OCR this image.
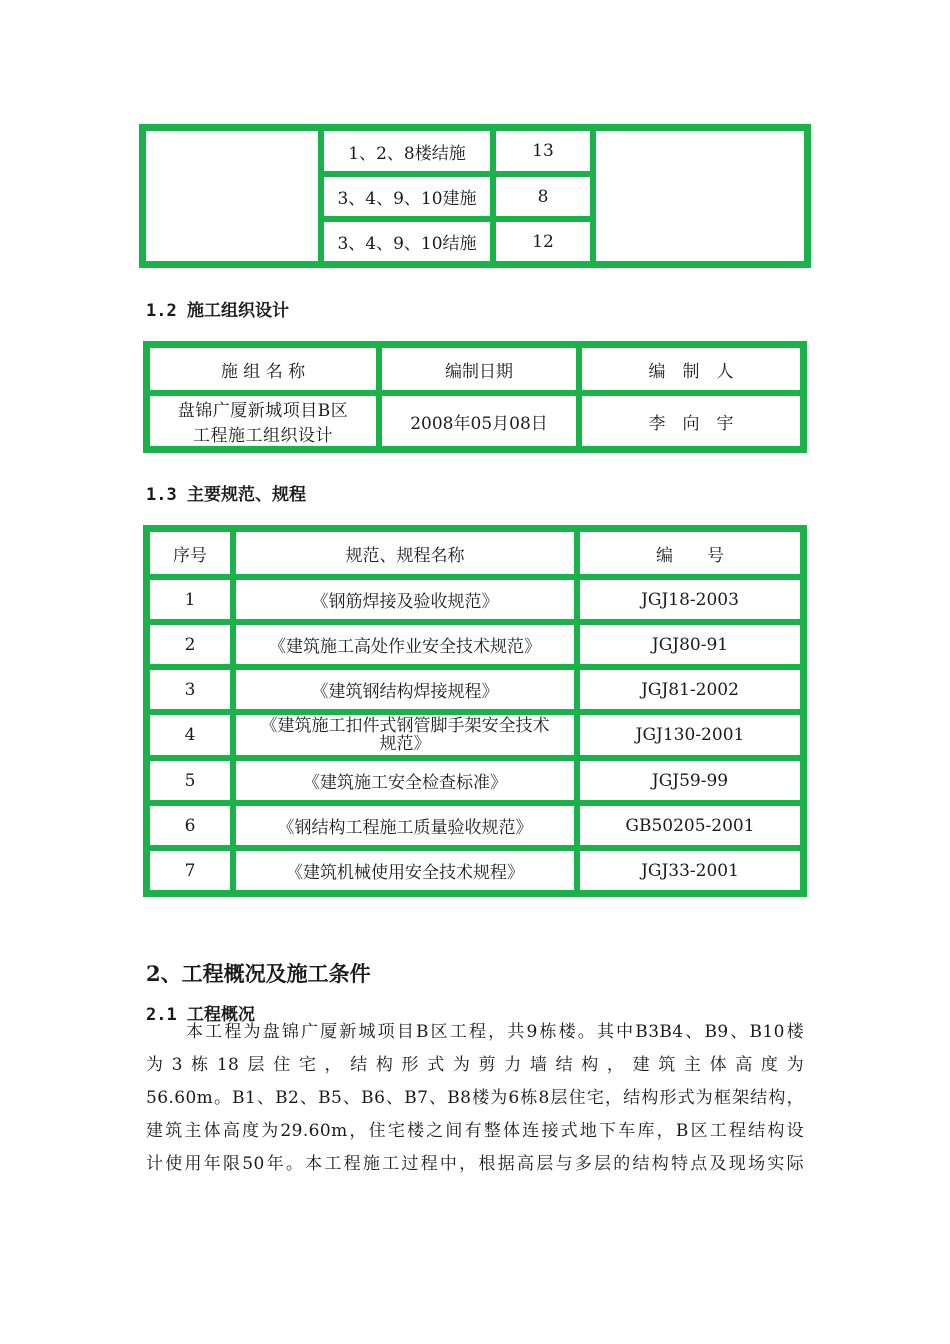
	1、2、8楼结施	13	
	3、4、9、10建施	8	
	3、4、9、10结施	12	
1.2 施工组织设计
施 组 名 称	编制日期	编　制　人

盘锦广厦新城项目B区
工程施工组织设计	2008年05月08日	李　向　宇
1.3 主要规范、规程
序号	规范、规程名称	编　　号
1	《钢筋焊接及验收规范》	JGJ18-2003
2	《建筑施工高处作业安全技术规范》	JGJ80-91
3	《建筑钢结构焊接规程》	JGJ81-2002
4	《建筑施工扣件式钢管脚手架安全技术规范》	JGJ130-2001
5	《建筑施工安全检查标准》	JGJ59-99
6	《钢结构工程施工质量验收规范》	GB50205-2001
7	《建筑机械使用安全技术规程》	JGJ33-2001
2、工程概况及施工条件
2.1 工程概况
本工程为盘锦广厦新城项目B区工程，共9栋楼。其中B3B4、B9、B10楼
为3栋18层住宅，结构形式为剪力墙结构，建筑主体高度为
56.60m。B1、B2、B5、B6、B7、B8楼为6栋8层住宅，结构形式为框架结构，
建筑主体高度为29.60m，住宅楼之间有整体连接式地下车库，B区工程结构设
计使用年限50年。本工程施工过程中，根据高层与多层的结构特点及现场实际
